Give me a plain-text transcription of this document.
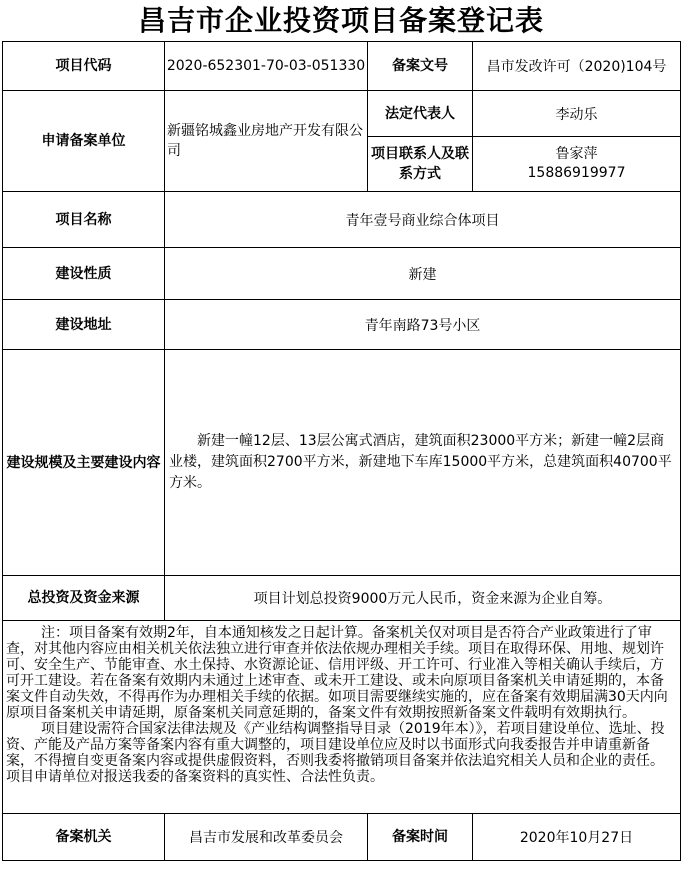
昌吉市企业投资项目备案登记表
项目代码	2020-652301-70-03-051330	备案文号	昌市发改许可（2020)104号
申请备案单位	新疆铭城鑫业房地产开发有限公司	法定代表人	李动乐
		项目联系人及联系方式	鲁家萍
15886919977

项目名称	青年壹号商业综合体项目		
建设性质	新建		
建设地址	青年南路73号小区		
建设规模及主要建设内容	新建一幢12层、13层公寓式酒店，建筑面积23000平方米；新建一幢2层商业楼，建筑面积2700平方米，新建地下车库15000平方米，总建筑面积40700平方米。		
总投资及资金来源	项目计划总投资9000万元人民币，资金来源为企业自筹。		

注：项目备案有效期2年，自本通知核发之日起计算。备案机关仅对项目是否符合产业政策进行了审查，对其他内容应由相关机关依法独立进行审查并依法依规办理相关手续。项目在取得环保、用地、规划许可、安全生产、节能审查、水土保持、水资源论证、信用评级、开工许可、行业准入等相关确认手续后，方可开工建设。若在备案有效期内未通过上述审查、或未开工建设、或未向原项目备案机关申请延期的，本备案文件自动失效，不得再作为办理相关手续的依据。如项目需要继续实施的，应在备案有效期届满30天内向原项目备案机关申请延期，原备案机关同意延期的，备案文件有效期按照新备案文件载明有效期执行。

项目建设需符合国家法律法规及《产业结构调整指导目录（2019年本）》，若项目建设单位、选址、投资、产能及产品方案等备案内容有重大调整的，项目建设单位应及时以书面形式向我委报告并申请重新备案，不得擅自变更备案内容或提供虚假资料，否则我委将撤销项目备案并依法追究相关人员和企业的责任。项目申请单位对报送我委的备案资料的真实性、合法性负责。			

备案机关	昌吉市发展和改革委员会	备案时间	2020年10月27日
